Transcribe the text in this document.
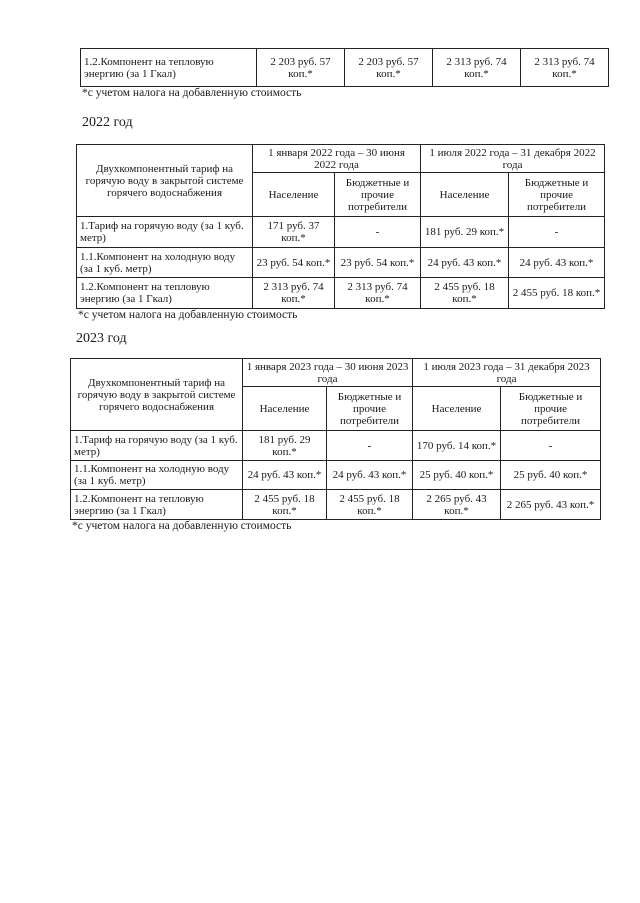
1.2.Компонент на тепловую энергию (за 1 Гкал)	2 203 руб. 57 коп.*	2 203 руб. 57 коп.*	2 313 руб. 74 коп.*	2 313 руб. 74 коп.*
*с учетом налога на добавленную стоимость
2022 год
Двухкомпонентный тариф на горячую воду в закрытой системе горячего водоснабжения	1 января 2022 года – 30 июня 2022 года		1 июля 2022 года – 31 декабря 2022 года	
	Население	Бюджетные и прочие потребители	Население	Бюджетные и прочие потребители
1.Тариф на горячую воду (за 1 куб. метр)	171 руб. 37 коп.*	-	181 руб. 29 коп.*	-
1.1.Компонент на холодную воду (за 1 куб. метр)	23 руб. 54 коп.*	23 руб. 54 коп.*	24 руб. 43 коп.*	24 руб. 43 коп.*
1.2.Компонент на тепловую энергию (за 1 Гкал)	2 313 руб. 74 коп.*	2 313 руб. 74 коп.*	2 455 руб. 18 коп.*	2 455 руб. 18 коп.*
*с учетом налога на добавленную стоимость
2023 год
Двухкомпонентный тариф на горячую воду в закрытой системе горячего водоснабжения	1 января 2023 года – 30 июня 2023 года		1 июля 2023 года – 31 декабря 2023 года	
	Население	Бюджетные и прочие потребители	Население	Бюджетные и прочие потребители
1.Тариф на горячую воду (за 1 куб. метр)	181 руб. 29 коп.*	-	170 руб. 14 коп.*	-
1.1.Компонент на холодную воду (за 1 куб. метр)	24 руб. 43 коп.*	24 руб. 43 коп.*	25 руб. 40 коп.*	25 руб. 40 коп.*
1.2.Компонент на тепловую энергию (за 1 Гкал)	2 455 руб. 18 коп.*	2 455 руб. 18 коп.*	2 265 руб. 43 коп.*	2 265 руб. 43 коп.*
*с учетом налога на добавленную стоимость
